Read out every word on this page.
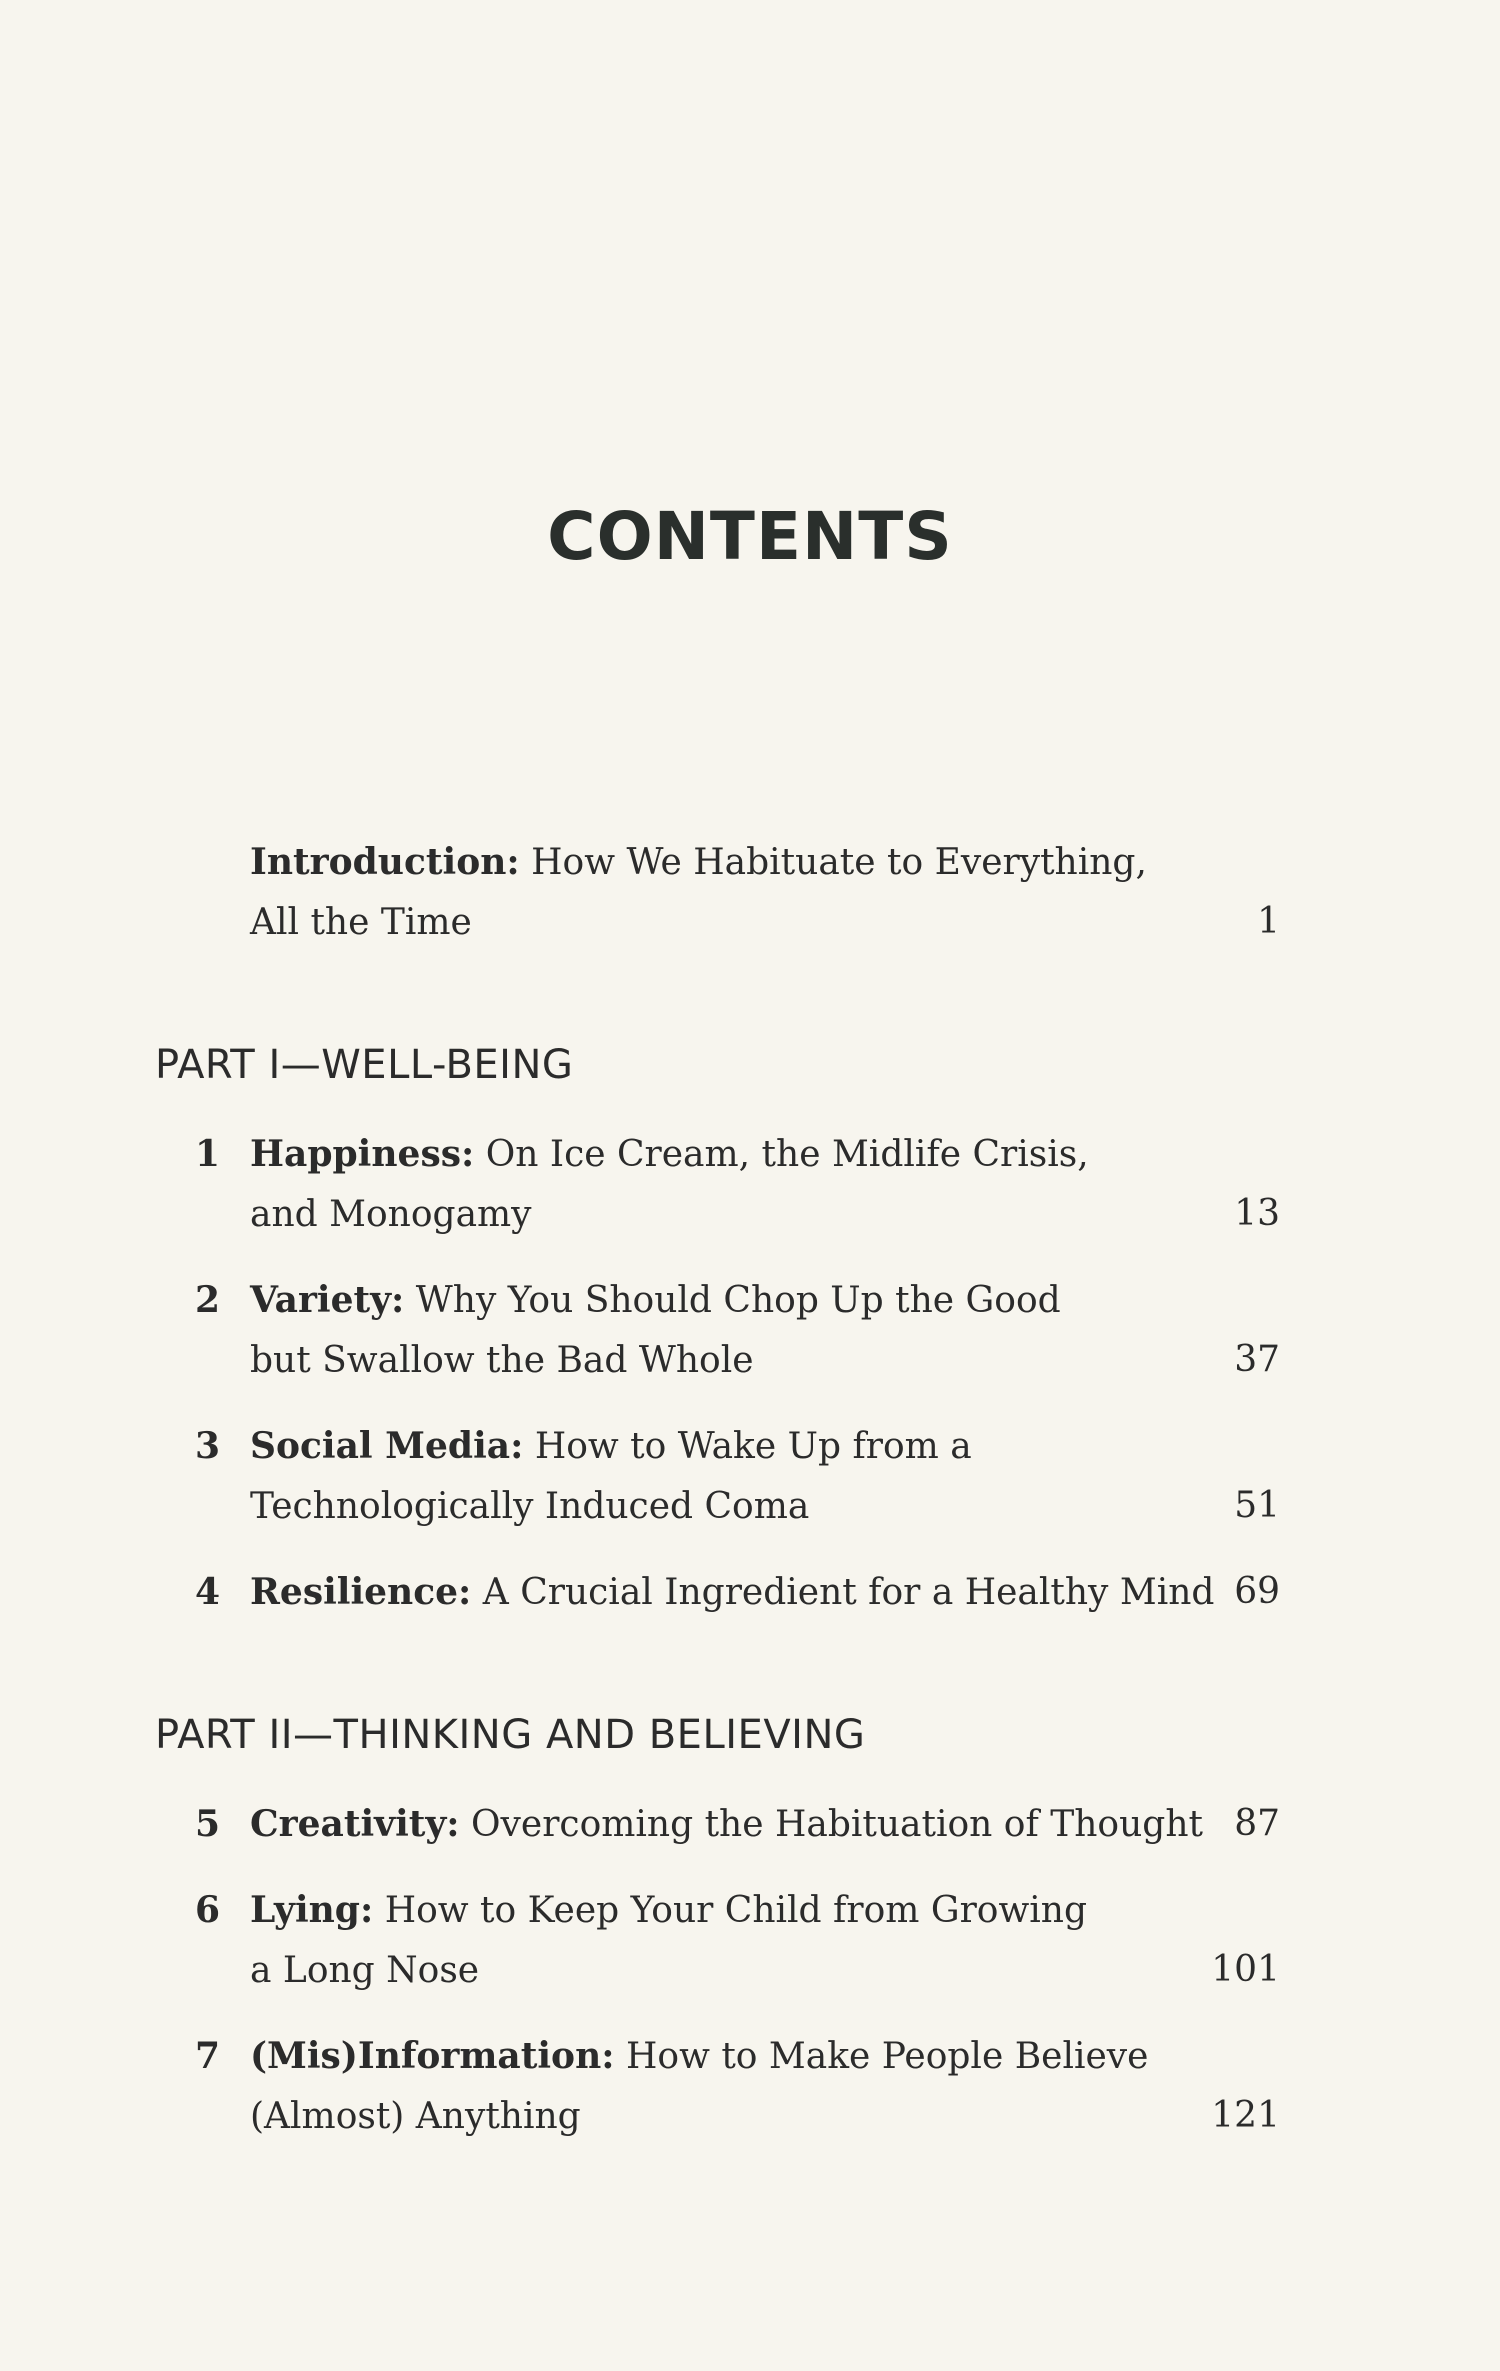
CONTENTS
Introduction: How We Habituate to Everything,
All the Time	1
PART I—WELL-BEING
1 Happiness: On Ice Cream, the Midlife Crisis,
and Monogamy	13
2 Variety: Why You Should Chop Up the Good
but Swallow the Bad Whole	37
3 Social Media: How to Wake Up from a
Technologically Induced Coma	51
4 Resilience: A Crucial Ingredient for a Healthy Mind 69
PART II—THINKING AND BELIEVING
5 Creativity: Overcoming the Habituation of Thought 87
6 Lying: How to Keep Your Child from Growing
a Long Nose	101
7 (Mis)Information: How to Make People Believe
(Almost) Anything	121
